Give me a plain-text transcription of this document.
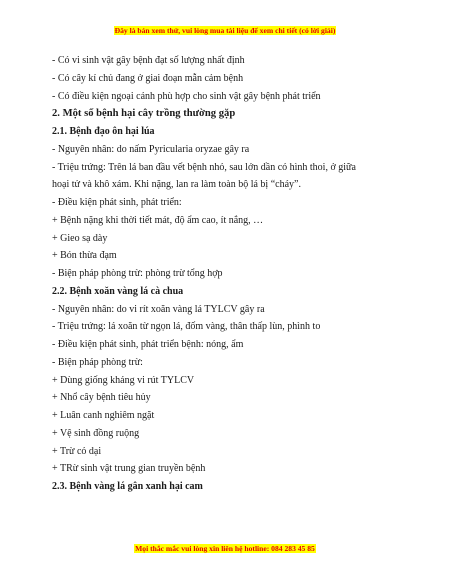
Đây là bản xem thử, vui lòng mua tài liệu để xem chi tiết (có lời giải)
- Có vi sinh vật gây bệnh đạt số lượng nhất định
- Có cây kí chủ đang ở giai đoạn mẫn cảm bệnh
- Có điều kiện ngoại cảnh phù hợp cho sinh vật gây bệnh phát triển
2. Một số bệnh hại cây trồng thường gặp
2.1. Bệnh đạo ôn hại lúa
- Nguyên nhân: do nấm Pyricularia oryzae gây ra
- Triệu trứng: Trên lá ban đầu vết bệnh nhỏ, sau lớn dần có hình thoi, ở giữa
hoại tử và khô xám. Khi nặng, lan ra làm toàn bộ lá bị “cháy”.
- Điều kiện phát sinh, phát triển:
+ Bệnh nặng khi thời tiết mát, độ ẩm cao, ít nắng, …
+ Gieo sạ dày
+ Bón thừa đạm
- Biện pháp phòng trừ: phòng trừ tổng hợp
2.2. Bệnh xoăn vàng lá cà chua
- Nguyên nhân: do vi rít xoăn vàng lá TYLCV gây ra
- Triệu trứng: lá xoăn từ ngọn lá, đốm vàng, thân thấp lùn, phình to
- Điều kiện phát sinh, phát triển bệnh: nóng, ẩm
- Biện pháp phòng trừ:
+ Dùng giống kháng vi rút TYLCV
+ Nhổ cây bệnh tiêu hủy
+ Luân canh nghiêm ngặt
+ Vệ sinh đồng ruộng
+ Trừ cỏ dại
+ TRừ sinh vật trung gian truyền bệnh
2.3. Bệnh vàng lá gân xanh hại cam
Mọi thắc mắc vui lòng xin liên hệ hotline: 084 283 45 85
